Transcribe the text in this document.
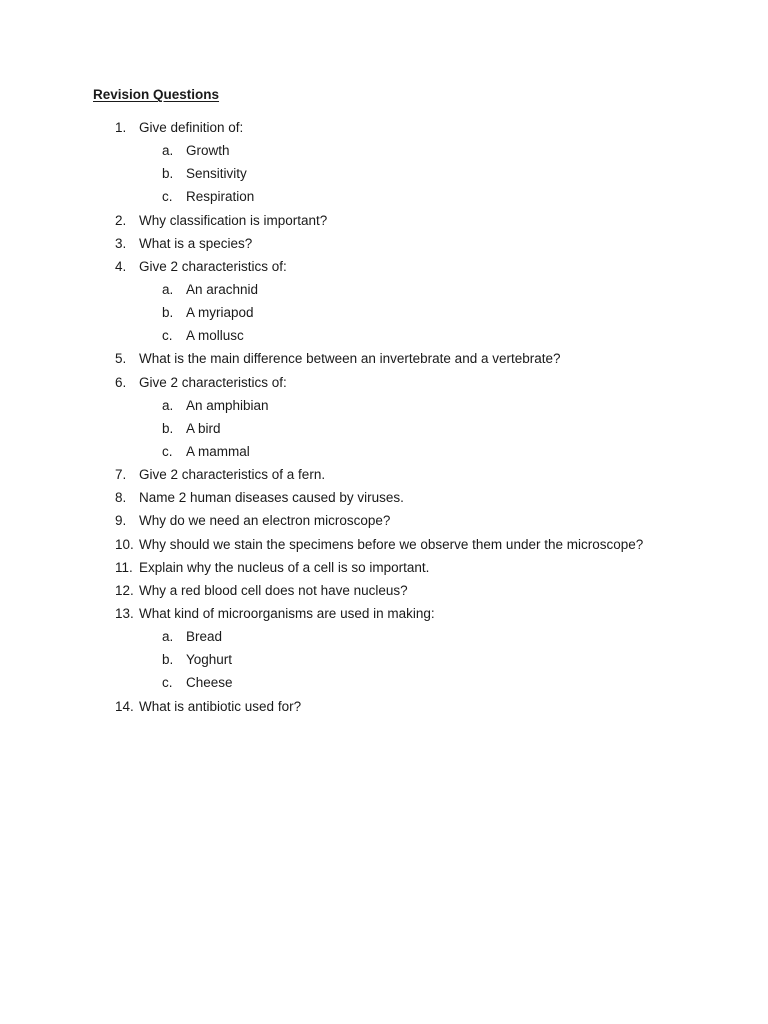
Revision Questions
1. Give definition of:
a. Growth
b. Sensitivity
c. Respiration
2. Why classification is important?
3. What is a species?
4. Give 2 characteristics of:
a. An arachnid
b. A myriapod
c. A mollusc
5. What is the main difference between an invertebrate and a vertebrate?
6. Give 2 characteristics of:
a. An amphibian
b. A bird
c. A mammal
7. Give 2 characteristics of a fern.
8. Name 2 human diseases caused by viruses.
9. Why do we need an electron microscope?
10. Why should we stain the specimens before we observe them under the microscope?
11. Explain why the nucleus of a cell is so important.
12. Why a red blood cell does not have nucleus?
13. What kind of microorganisms are used in making:
a. Bread
b. Yoghurt
c. Cheese
14. What is antibiotic used for?
